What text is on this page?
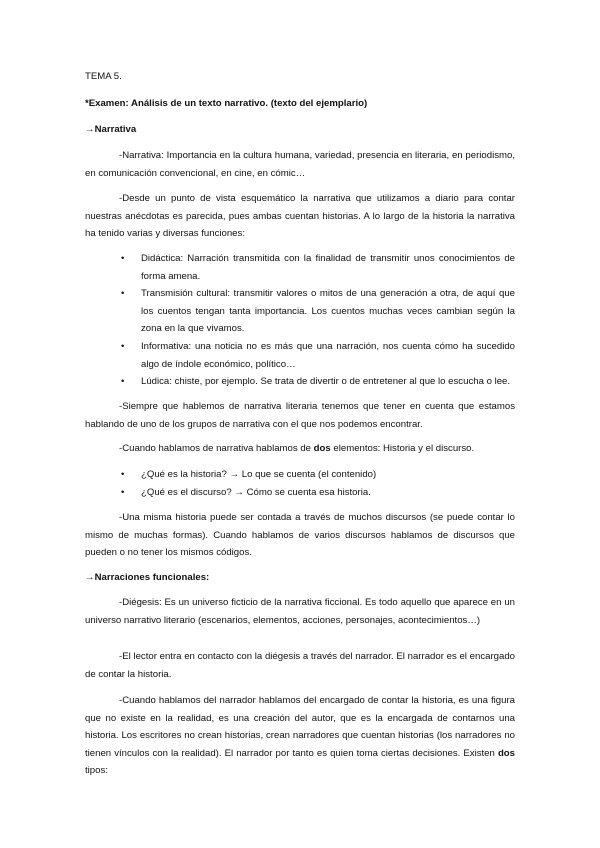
TEMA 5.
*Examen: Análisis de un texto narrativo. (texto del ejemplario)
→Narrativa
-Narrativa: Importancia en la cultura humana, variedad, presencia en literaria, en periodismo, en comunicación convencional, en cine, en cómic…
-Desde un punto de vista esquemático la narrativa que utilizamos a diario para contar nuestras anécdotas es parecida, pues ambas cuentan historias. A lo largo de la historia la narrativa ha tenido varias y diversas funciones:
• Didáctica: Narración transmitida con la finalidad de transmitir unos conocimientos de forma amena.
• Transmisión cultural: transmitir valores o mitos de una generación a otra, de aquí que los cuentos tengan tanta importancia. Los cuentos muchas veces cambian según la zona en la que vivamos.
• Informativa: una noticia no es más que una narración, nos cuenta cómo ha sucedido algo de índole económico, político…
• Lúdica: chiste, por ejemplo. Se trata de divertir o de entretener al que lo escucha o lee.
-Siempre que hablemos de narrativa literaria tenemos que tener en cuenta que estamos hablando de uno de los grupos de narrativa con el que nos podemos encontrar.
-Cuando hablamos de narrativa hablamos de dos elementos: Historia y el discurso.
• ¿Qué es la historia? → Lo que se cuenta (el contenido)
• ¿Qué es el discurso? → Cómo se cuenta esa historia.
-Una misma historia puede ser contada a través de muchos discursos (se puede contar lo mismo de muchas formas). Cuando hablamos de varios discursos hablamos de discursos que pueden o no tener los mismos códigos.
→Narraciones funcionales:
-Diégesis: Es un universo ficticio de la narrativa ficcional. Es todo aquello que aparece en un universo narrativo literario (escenarios, elementos, acciones, personajes, acontecimientos…)
-El lector entra en contacto con la diégesis a través del narrador. El narrador es el encargado de contar la historia.
-Cuando hablamos del narrador hablamos del encargado de contar la historia, es una figura que no existe en la realidad, es una creación del autor, que es la encargada de contarnos una historia. Los escritores no crean historias, crean narradores que cuentan historias (los narradores no tienen vínculos con la realidad). El narrador por tanto es quien toma ciertas decisiones. Existen dos tipos:
